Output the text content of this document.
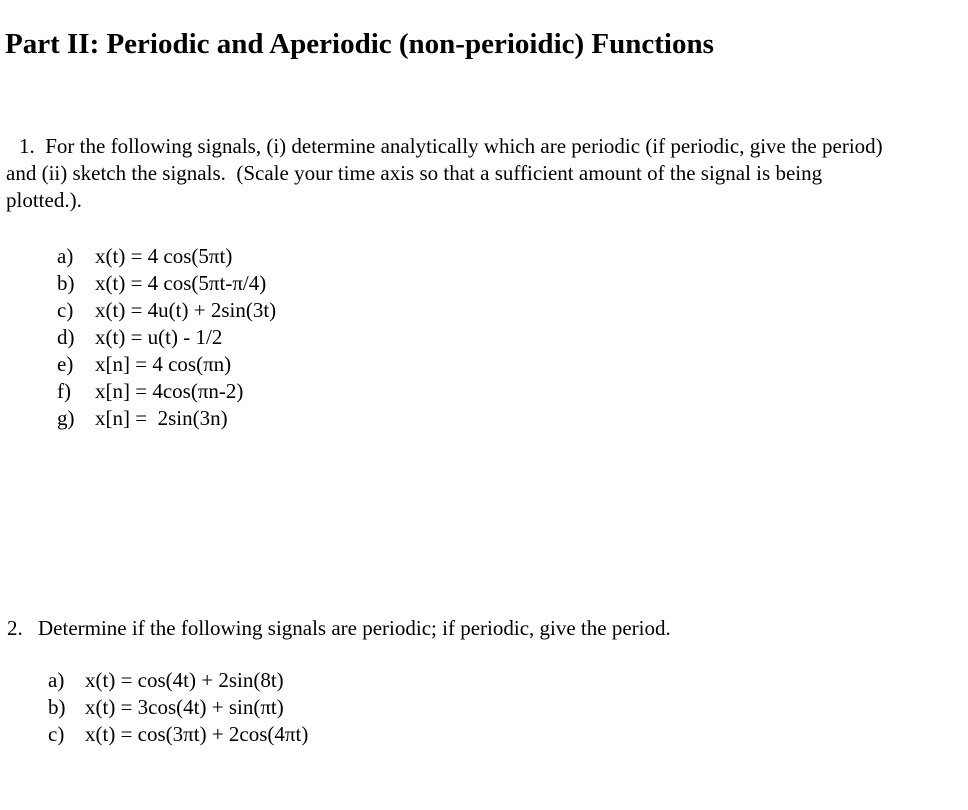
Part II: Periodic and Aperiodic (non-perioidic) Functions
1.  For the following signals, (i) determine analytically which are periodic (if periodic, give the period)
and (ii) sketch the signals.  (Scale your time axis so that a sufficient amount of the signal is being
plotted.).
a)	x(t) = 4 cos(5πt)
b) x(t) = 4 cos(5πt-π/4)
c)	x(t) = 4u(t) + 2sin(3t)
d) x(t) = u(t) - 1/2
e)	x[n] = 4 cos(πn)
f)	x[n] = 4cos(πn-2)
g) x[n] =  2sin(3n)
2. Determine if the following signals are periodic; if periodic, give the period.
a) x(t) = cos(4t) + 2sin(8t)
b) x(t) = 3cos(4t) + sin(πt)
c) x(t) = cos(3πt) + 2cos(4πt)
